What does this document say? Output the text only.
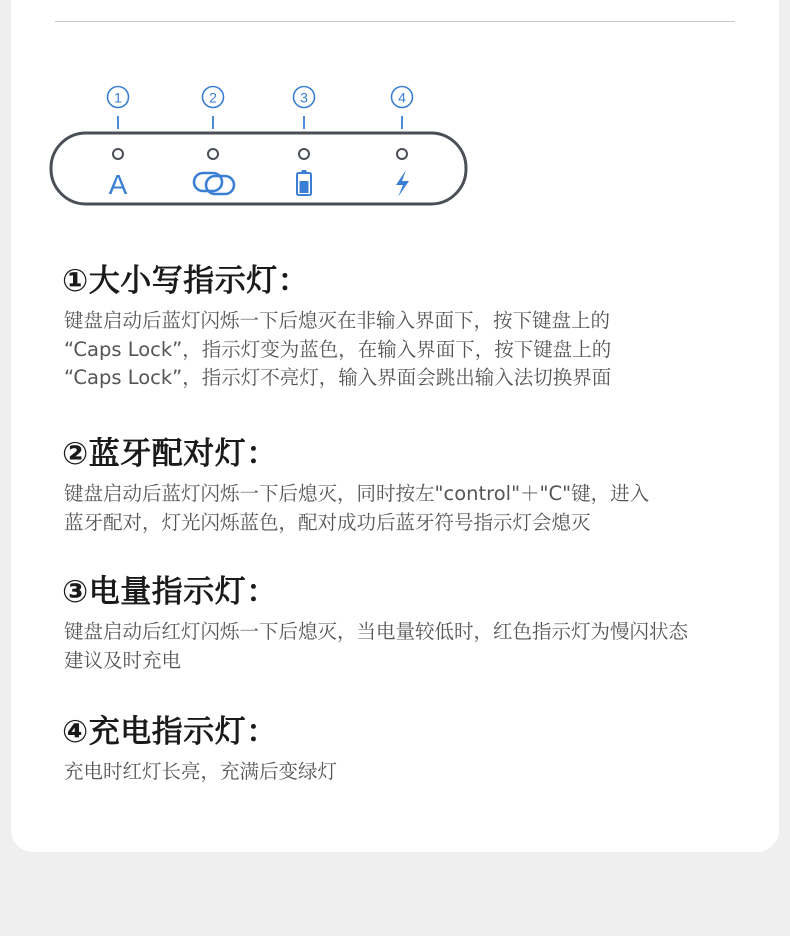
1	2	3	4
A
①大小写指示灯：
键盘启动后蓝灯闪烁一下后熄灭在非输入界面下，按下键盘上的
“Caps Lock”，指示灯变为蓝色，在输入界面下，按下键盘上的
“Caps Lock”，指示灯不亮灯，输入界面会跳出输入法切换界面
②蓝牙配对灯：
键盘启动后蓝灯闪烁一下后熄灭，同时按左"control"＋"C"键，进入
蓝牙配对，灯光闪烁蓝色，配对成功后蓝牙符号指示灯会熄灭
③电量指示灯：
键盘启动后红灯闪烁一下后熄灭，当电量较低时，红色指示灯为慢闪状态
建议及时充电
④充电指示灯：
充电时红灯长亮，充满后变绿灯
